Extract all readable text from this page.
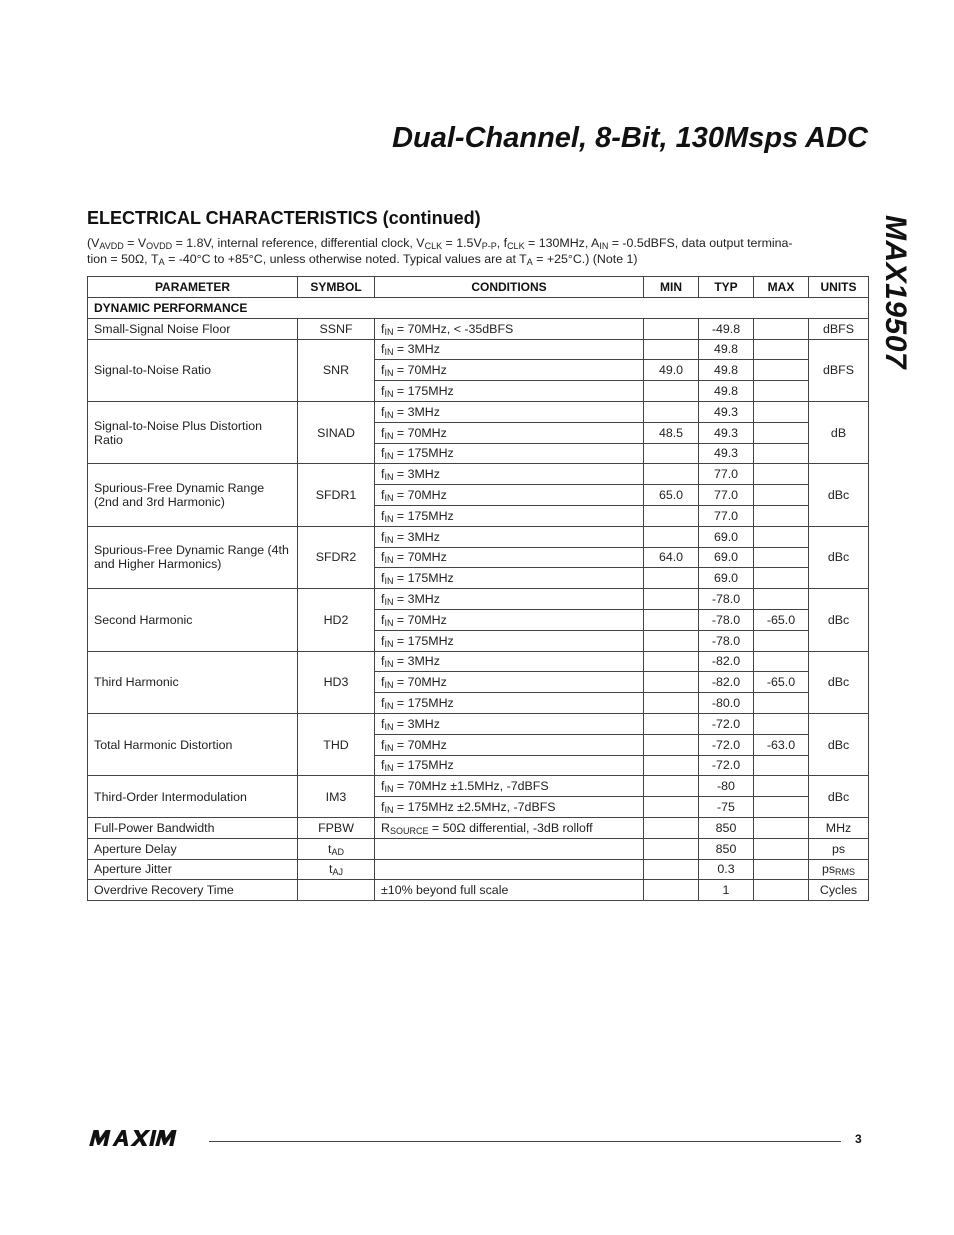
Dual-Channel, 8-Bit, 130Msps ADC
MAX19507
ELECTRICAL CHARACTERISTICS (continued)
($V_{AVDD} = V_{OVDD} = 1.8V$, internal reference, differential clock, $V_{CLK} = 1.5V_{P-P}$, $f_{CLK} = 130MHz$, $A_{IN}$ = -0.5dBFS, data output termina-
tion = 50Ω, $T_A = -40^\circ C$ to +85°C, unless otherwise noted. Typical values are at $T_A = +25^\circ C$.) (Note 1)
PARAMETER	SYMBOL	CONDITIONS	MIN	TYP	MAX	UNITS
DYNAMIC PERFORMANCE						
Small-Signal Noise Floor	SSNF	$f_{IN} = 70MHz$, < -35dBFS		-49.8		dBFS
Signal-to-Noise Ratio	SNR	$f_{IN} = 3MHz$		49.8		dBFS
		$f_{IN} = 70MHz$	49.0	49.8		
		$f_{IN} = 175MHz$		49.8		
Signal-to-Noise Plus Distortion Ratio	SINAD	$f_{IN} = 3MHz$		49.3		dB
		$f_{IN} = 70MHz$	48.5	49.3		
		$f_{IN} = 175MHz$		49.3		
Spurious-Free Dynamic Range (2nd and 3rd Harmonic)	SFDR1	$f_{IN} = 3MHz$		77.0		dBc
		$f_{IN} = 70MHz$	65.0	77.0		
		$f_{IN} = 175MHz$		77.0		
Spurious-Free Dynamic Range (4th and Higher Harmonics)	SFDR2	$f_{IN} = 3MHz$		69.0		dBc
		$f_{IN} = 70MHz$	64.0	69.0		
		$f_{IN} = 175MHz$		69.0		
Second Harmonic	HD2	$f_{IN} = 3MHz$		-78.0		dBc
		$f_{IN} = 70MHz$		-78.0	-65.0	
		$f_{IN} = 175MHz$		-78.0		
Third Harmonic	HD3	$f_{IN} = 3MHz$		-82.0		dBc
		$f_{IN} = 70MHz$		-82.0	-65.0	
		$f_{IN} = 175MHz$		-80.0		
Total Harmonic Distortion	THD	$f_{IN} = 3MHz$		-72.0		dBc
		$f_{IN} = 70MHz$		-72.0	-63.0	
		$f_{IN} = 175MHz$		-72.0		
Third-Order Intermodulation	IM3	$f_{IN} = 70MHz \pm 1.5MHz$, -7dBFS		-80		dBc
		$f_{IN} = 175MHz \pm 2.5MHz$, -7dBFS		-75		
Full-Power Bandwidth	FPBW	$R_{SOURCE} = 50\Omega$ differential, -3dB rolloff		850		MHz
Aperture Delay	$t_{AD}$			850		ps
Aperture Jitter	$t_{AJ}$			0.3		$ps_{RMS}$
Overdrive Recovery Time		±10% beyond full scale		1		Cycles
3
